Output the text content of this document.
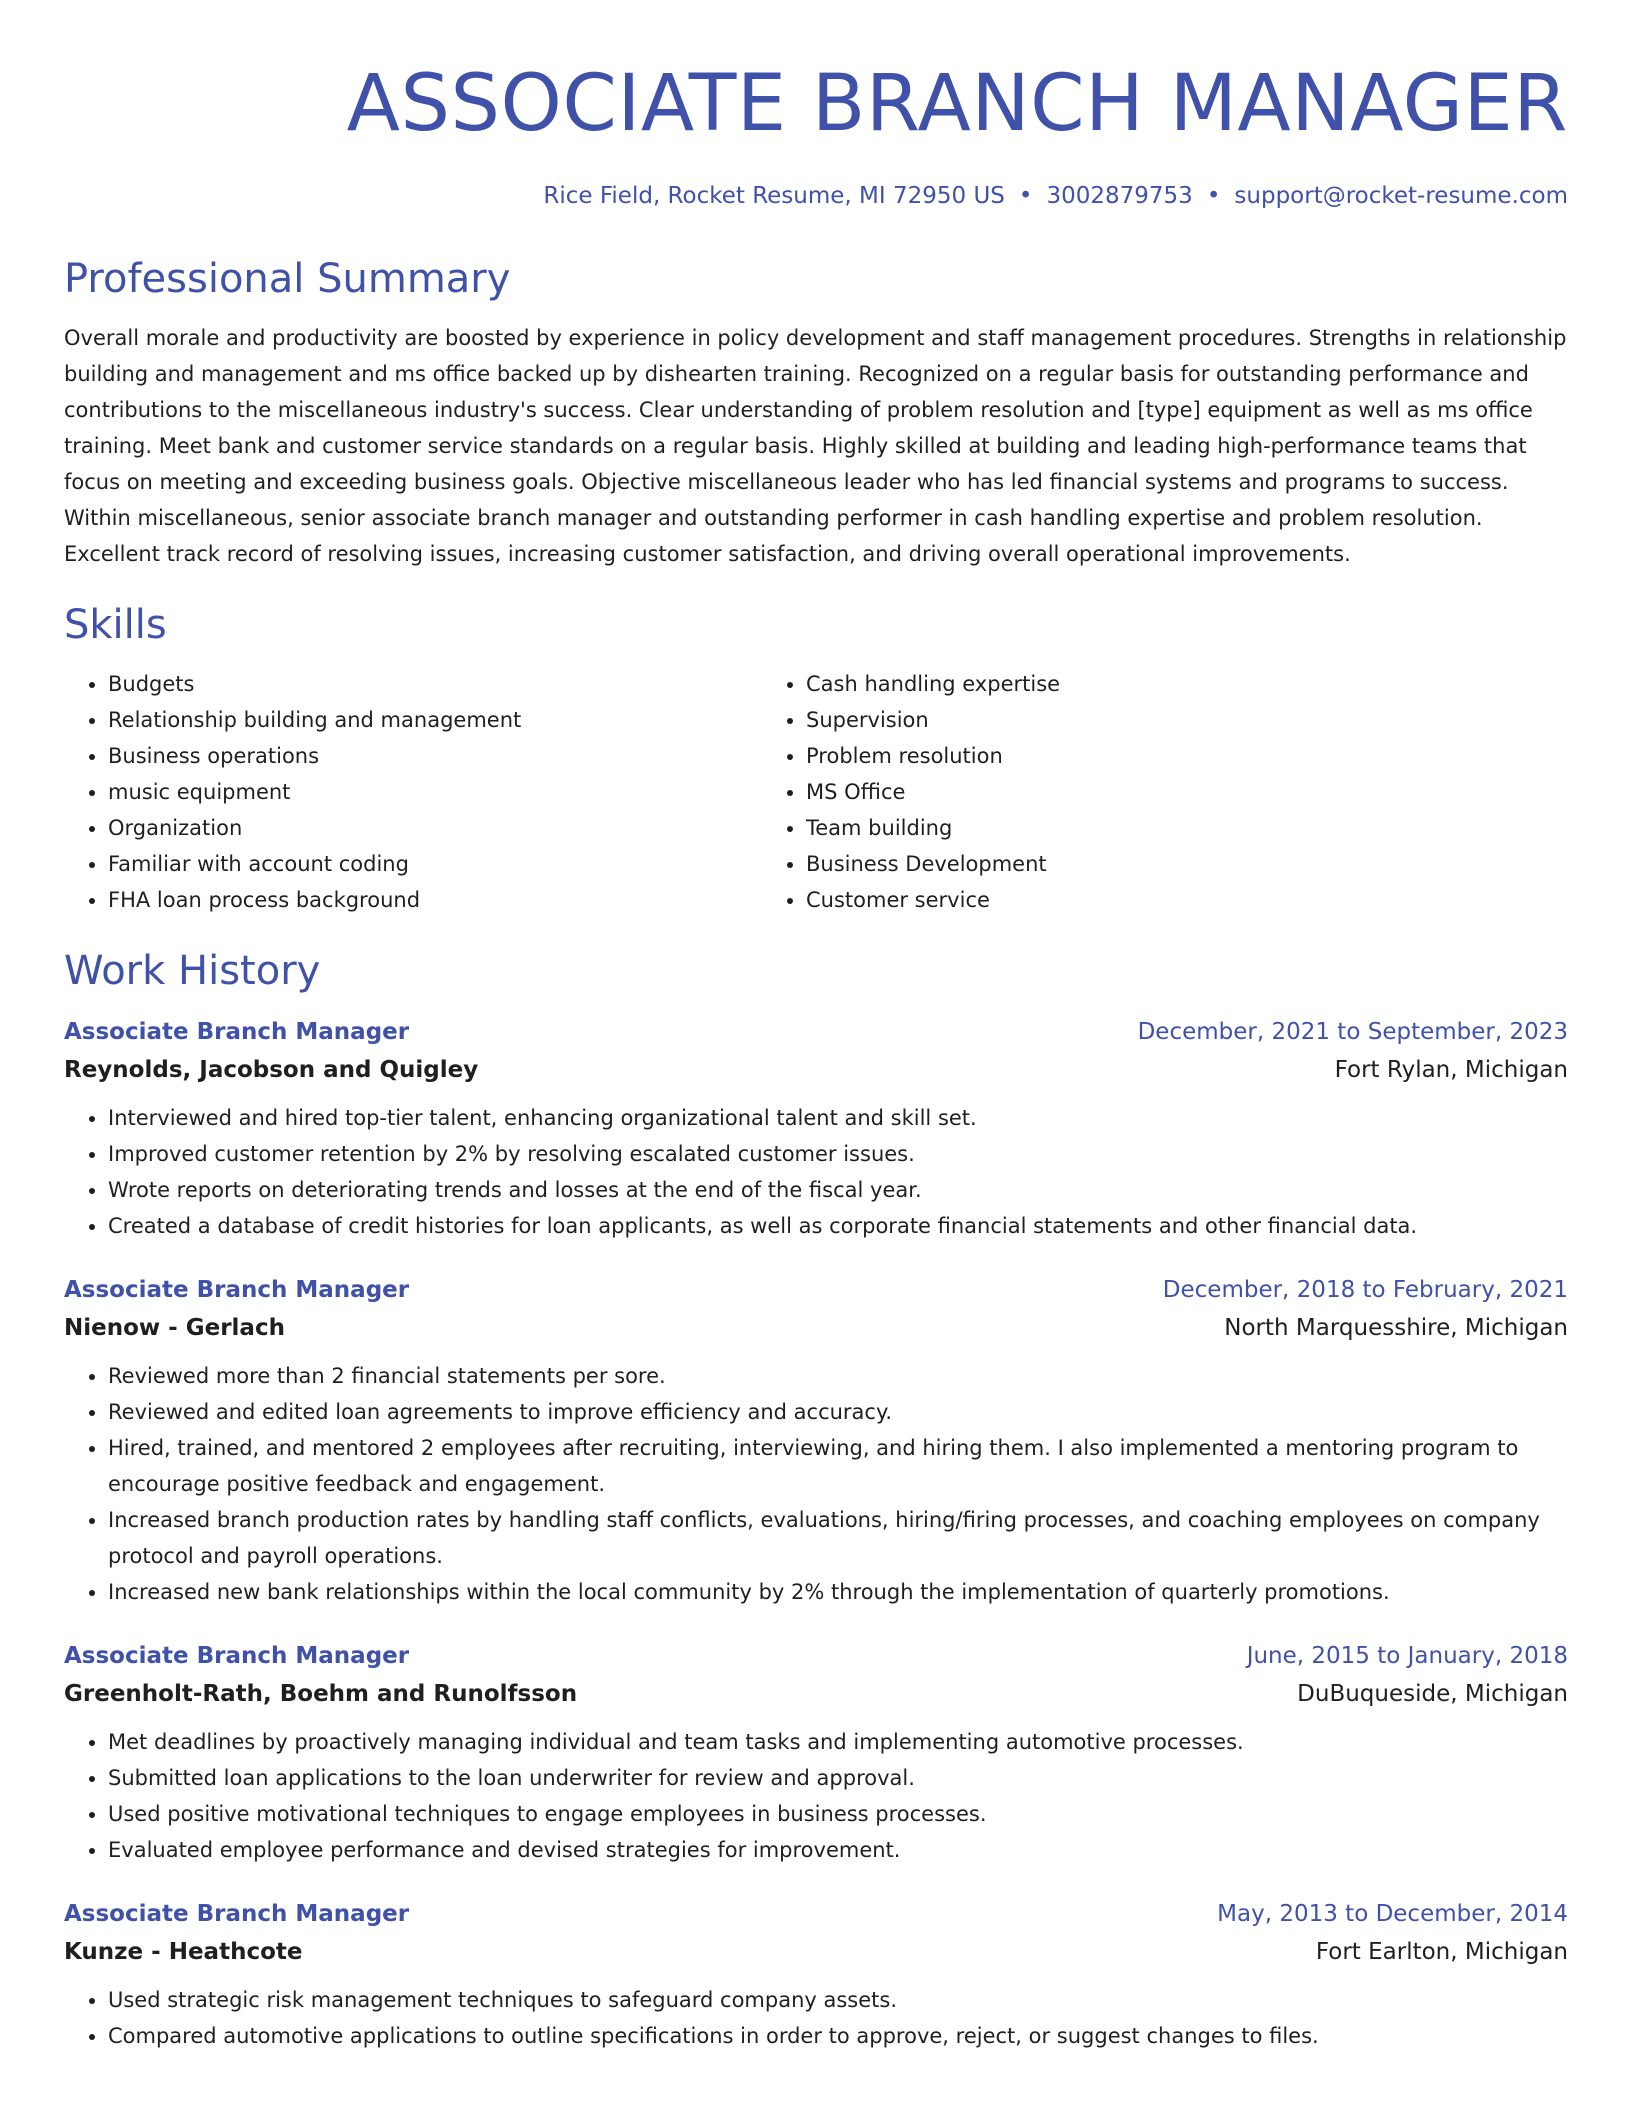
ASSOCIATE BRANCH MANAGER
Rice Field, Rocket Resume, MI 72950 US • 3002879753 • support@rocket-resume.com
Professional Summary

Overall morale and productivity are boosted by experience in policy development and staff management procedures. Strengths in relationship building and management and ms office backed up by dishearten training. Recognized on a regular basis for outstanding performance and contributions to the miscellaneous industry's success. Clear understanding of problem resolution and [type] equipment as well as ms office training. Meet bank and customer service standards on a regular basis. Highly skilled at building and leading high-performance teams that focus on meeting and exceeding business goals. Objective miscellaneous leader who has led financial systems and programs to success. Within miscellaneous, senior associate branch manager and outstanding performer in cash handling expertise and problem resolution. Excellent track record of resolving issues, increasing customer satisfaction, and driving overall operational improvements.

Skills
• Budgets
• Relationship building and management
• Business operations
• music equipment
• Organization
• Familiar with account coding
• FHA loan process background
• Cash handling expertise
• Supervision
• Problem resolution
• MS Office
• Team building
• Business Development
• Customer service
Work History
Associate Branch Manager	December, 2021 to September, 2023
Reynolds, Jacobson and Quigley	Fort Rylan, Michigan
• Interviewed and hired top-tier talent, enhancing organizational talent and skill set.
• Improved customer retention by 2% by resolving escalated customer issues.
• Wrote reports on deteriorating trends and losses at the end of the fiscal year.
• Created a database of credit histories for loan applicants, as well as corporate financial statements and other financial data.
Associate Branch Manager	December, 2018 to February, 2021
Nienow - Gerlach	North Marquesshire, Michigan
• Reviewed more than 2 financial statements per sore.
• Reviewed and edited loan agreements to improve efficiency and accuracy.
• Hired, trained, and mentored 2 employees after recruiting, interviewing, and hiring them. I also implemented a mentoring program to encourage positive feedback and engagement.
• Increased branch production rates by handling staff conflicts, evaluations, hiring/firing processes, and coaching employees on company protocol and payroll operations.
• Increased new bank relationships within the local community by 2% through the implementation of quarterly promotions.
Associate Branch Manager	June, 2015 to January, 2018
Greenholt-Rath, Boehm and Runolfsson	DuBuqueside, Michigan
• Met deadlines by proactively managing individual and team tasks and implementing automotive processes.
• Submitted loan applications to the loan underwriter for review and approval.
• Used positive motivational techniques to engage employees in business processes.
• Evaluated employee performance and devised strategies for improvement.
Associate Branch Manager	May, 2013 to December, 2014
Kunze - Heathcote	Fort Earlton, Michigan
• Used strategic risk management techniques to safeguard company assets.
• Compared automotive applications to outline specifications in order to approve, reject, or suggest changes to files.
